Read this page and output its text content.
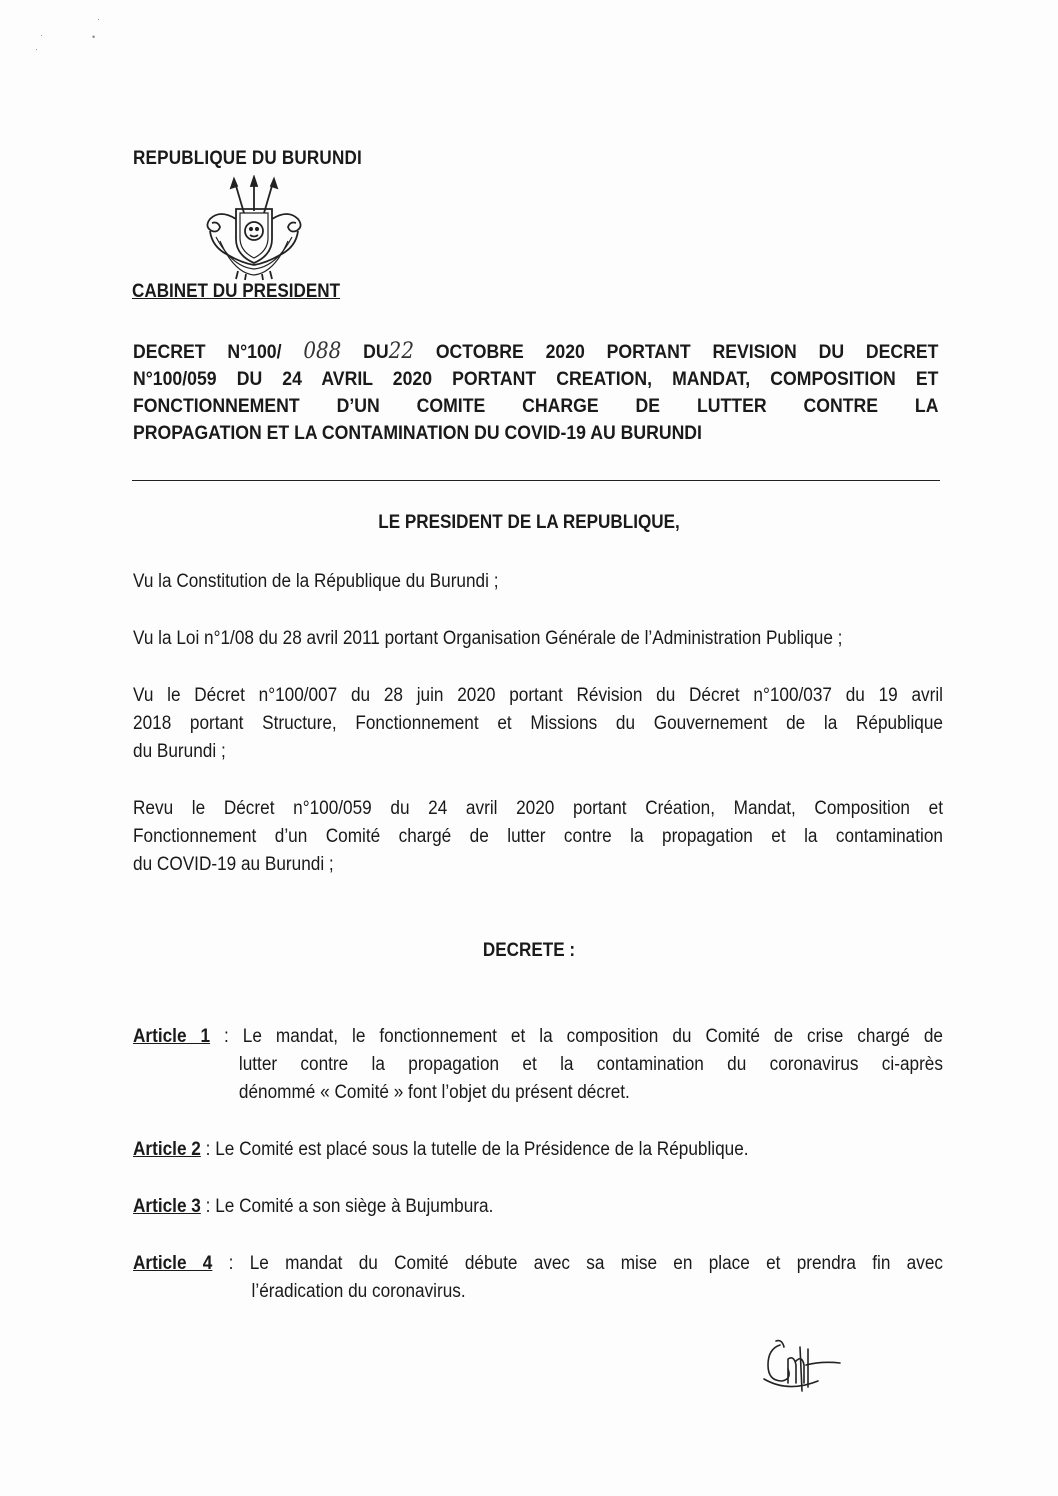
·
·	•
·
REPUBLIQUE DU BURUNDI
CABINET DU PRESIDENT
DECRET N°100/ 088 DU22 OCTOBRE 2020 PORTANT REVISION DU DECRET
N°100/059 DU 24 AVRIL 2020 PORTANT CREATION, MANDAT, COMPOSITION ET
FONCTIONNEMENT D’UN COMITE CHARGE DE LUTTER CONTRE LA
PROPAGATION ET LA CONTAMINATION DU COVID-19 AU BURUNDI
LE PRESIDENT DE LA REPUBLIQUE,
Vu la Constitution de la République du Burundi ;
Vu la Loi n°1/08 du 28 avril 2011 portant Organisation Générale de l’Administration Publique ;
Vu le Décret n°100/007 du 28 juin 2020 portant Révision du Décret n°100/037 du 19 avril
2018 portant Structure, Fonctionnement et Missions du Gouvernement de la République
du Burundi ;
Revu le Décret n°100/059 du 24 avril 2020 portant Création, Mandat, Composition et
Fonctionnement d’un Comité chargé de lutter contre la propagation et la contamination
du COVID-19 au Burundi ;
DECRETE :
Article 1 : Le mandat, le fonctionnement et la composition du Comité de crise chargé de
lutter contre la propagation et la contamination du coronavirus ci-après
dénommé « Comité » font l’objet du présent décret.
Article 2 : Le Comité est placé sous la tutelle de la Présidence de la République.
Article 3 : Le Comité a son siège à Bujumbura.
Article 4 : Le mandat du Comité débute avec sa mise en place et prendra fin avec
l’éradication du coronavirus.
